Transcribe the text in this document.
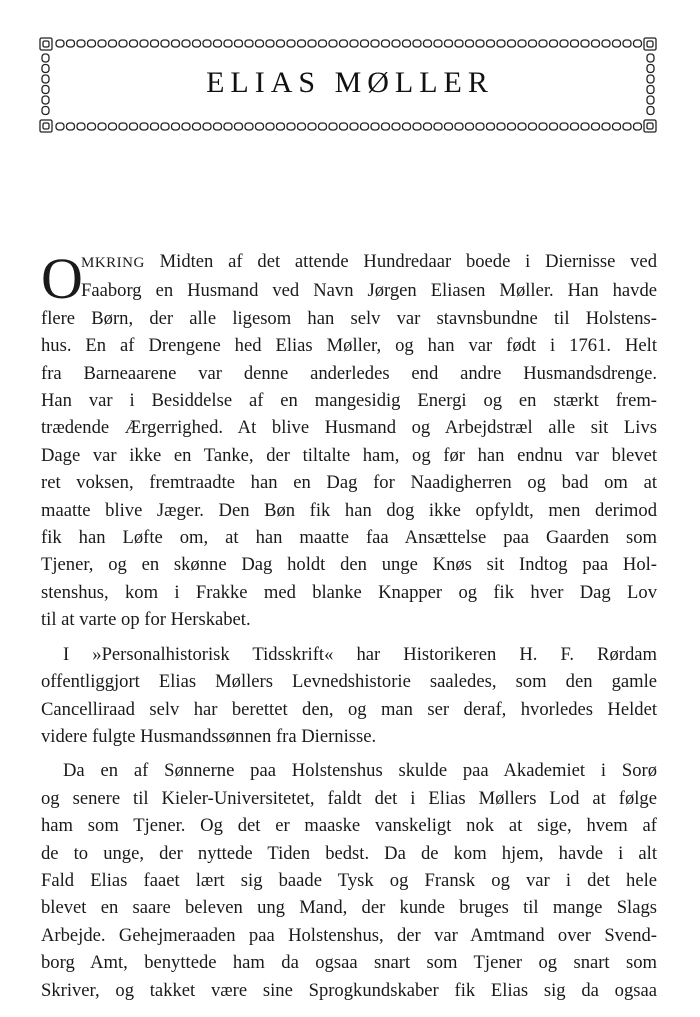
ELIAS MØLLER
O
MKRING Midten af det attende Hundredaar boede i Diernisse ved
Faaborg en Husmand ved Navn Jørgen Eliasen Møller. Han havde
flere Børn, der alle ligesom han selv var stavnsbundne til Holstens-
hus. En af Drengene hed Elias Møller, og han var født i 1761. Helt
fra Barneaarene var denne anderledes end andre Husmandsdrenge.
Han var i Besiddelse af en mangesidig Energi og en stærkt frem-
trædende Ærgerrighed. At blive Husmand og Arbejdstræl alle sit Livs
Dage var ikke en Tanke, der tiltalte ham, og før han endnu var blevet
ret voksen, fremtraadte han en Dag for Naadigherren og bad om at
maatte blive Jæger. Den Bøn fik han dog ikke opfyldt, men derimod
fik han Løfte om, at han maatte faa Ansættelse paa Gaarden som
Tjener, og en skønne Dag holdt den unge Knøs sit Indtog paa Hol-
stenshus, kom i Frakke med blanke Knapper og fik hver Dag Lov
til at varte op for Herskabet.
I »Personalhistorisk Tidsskrift« har Historikeren H. F. Rørdam
offentliggjort Elias Møllers Levnedshistorie saaledes, som den gamle
Cancelliraad selv har berettet den, og man ser deraf, hvorledes Heldet
videre fulgte Husmandssønnen fra Diernisse.
Da en af Sønnerne paa Holstenshus skulde paa Akademiet i Sorø
og senere til Kieler-Universitetet, faldt det i Elias Møllers Lod at følge
ham som Tjener. Og det er maaske vanskeligt nok at sige, hvem af
de to unge, der nyttede Tiden bedst. Da de kom hjem, havde i alt
Fald Elias faaet lært sig baade Tysk og Fransk og var i det hele
blevet en saare beleven ung Mand, der kunde bruges til mange Slags
Arbejde. Gehejmeraaden paa Holstenshus, der var Amtmand over Svend-
borg Amt, benyttede ham da ogsaa snart som Tjener og snart som
Skriver, og takket være sine Sprogkundskaber fik Elias sig da ogsaa
